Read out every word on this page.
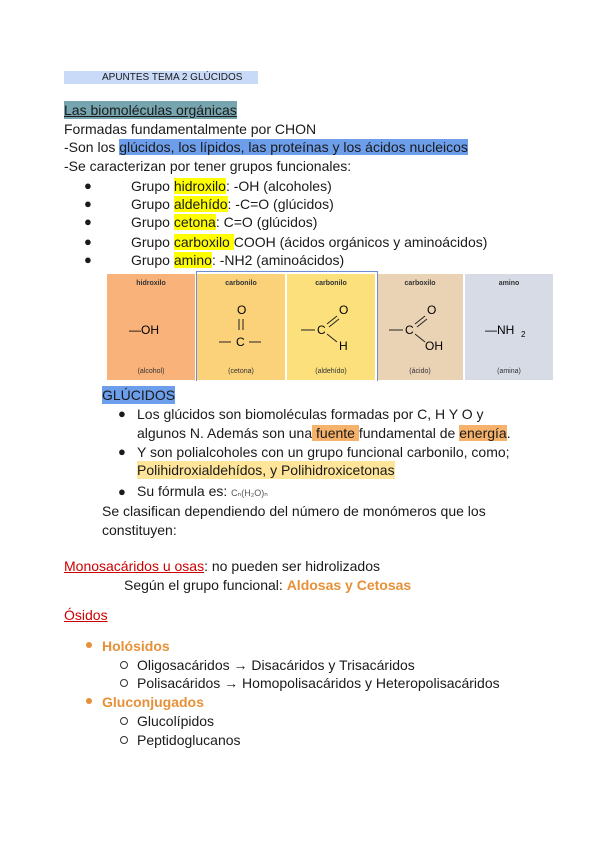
APUNTES TEMA 2 GLÚCIDOS
Las biomoléculas orgánicas
Formadas fundamentalmente por CHON
-Son los glúcidos, los lípidos, las proteínas y los ácidos nucleicos
-Se caracterizan por tener grupos funcionales:
●	Grupo hidroxilo: -OH (alcoholes)
●	Grupo aldehído: -C=O (glúcidos)
●	Grupo cetona: C=O (glúcidos)
●	Grupo carboxilo COOH (ácidos orgánicos y aminoácidos)
●	Grupo amino: -NH2 (aminoácidos)
hidroxilo
—OH
(alcohol)
carbonilo
O
C
(cetona)
carbonilo
C
O
H
(aldehído)
carboxilo
C
O
OH
(ácido)
amino
—NH 2
(amina)
GLÚCIDOS
● Los glúcidos son biomoléculas formadas por C, H Y O y
algunos N. Además son una fuente fundamental de energía.
● Y son polialcoholes con un grupo funcional carbonilo, como;
Polihidroxialdehídos, y Polihidroxicetonas
● Su fórmula es: Cₙ(H₂O)ₙ
Se clasifican dependiendo del número de monómeros que los
constituyen:
Monosacáridos u osas: no pueden ser hidrolizados
Según el grupo funcional: Aldosas y Cetosas
Ósidos
Holósidos
Oligosacáridos → Disacáridos y Trisacáridos
Polisacáridos → Homopolisacáridos y Heteropolisacáridos
Gluconjugados
Glucolípidos
Peptidoglucanos
